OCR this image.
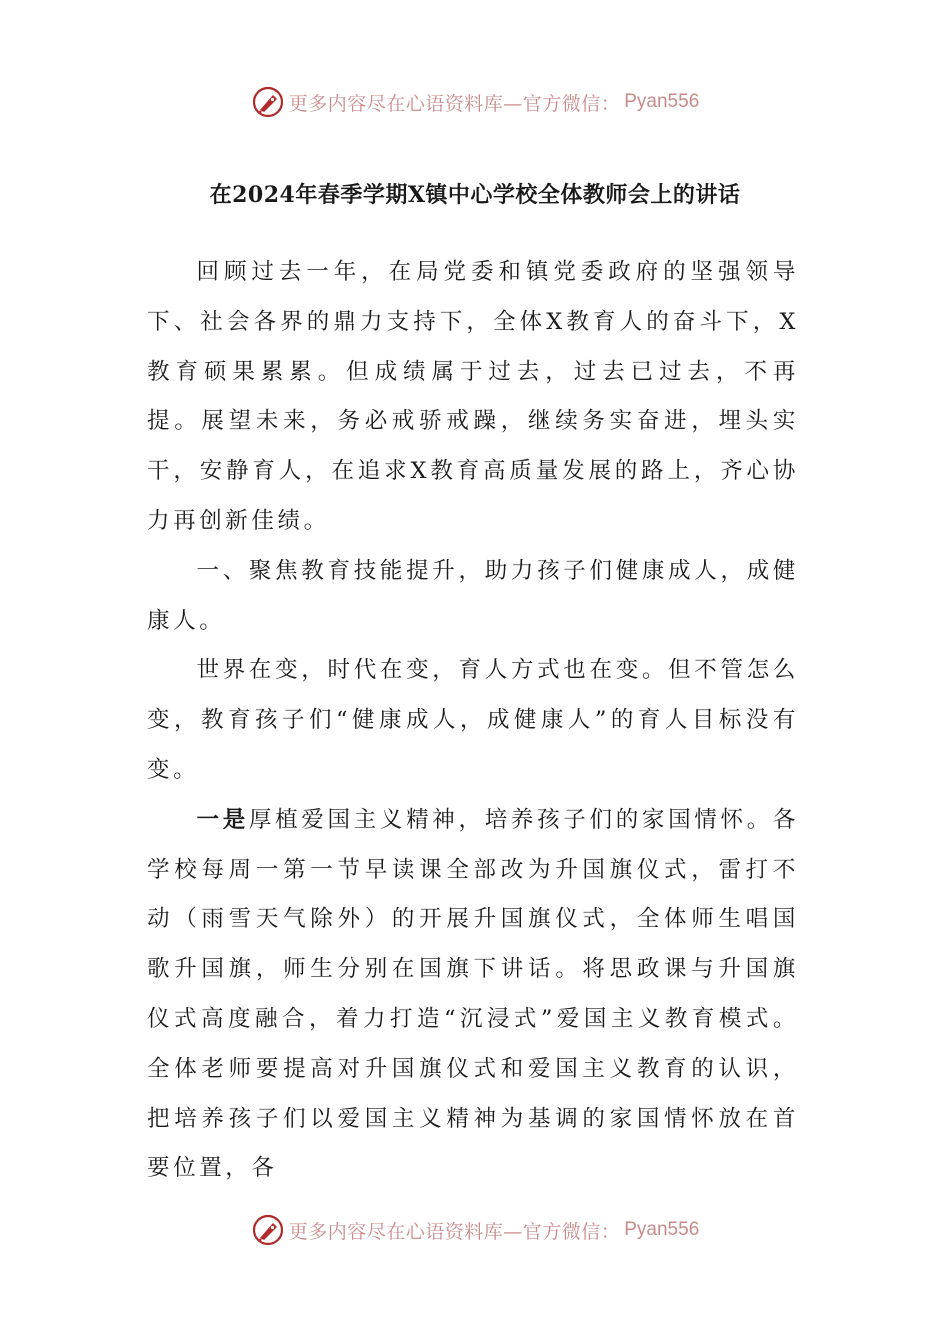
更多内容尽在心语资料库—官方微信： Pyan556
在2024年春季学期X镇中心学校全体教师会上的讲话

回顾过去一年，在局党委和镇党委政府的坚强领导下、社会各界的鼎力支持下，全体X教育人的奋斗下，X教育硕果累累。但成绩属于过去，过去已过去，不再提。展望未来，务必戒骄戒躁，继续务实奋进，埋头实干，安静育人，在追求X教育高质量发展的路上，齐心协力再创新佳绩。

一、聚焦教育技能提升，助力孩子们健康成人，成健康人。

世界在变，时代在变，育人方式也在变。但不管怎么变，教育孩子们“健康成人，成健康人”的育人目标没有变。

一是厚植爱国主义精神，培养孩子们的家国情怀。各学校每周一第一节早读课全部改为升国旗仪式，雷打不动（雨雪天气除外）的开展升国旗仪式，全体师生唱国歌升国旗，师生分别在国旗下讲话。将思政课与升国旗仪式高度融合，着力打造“沉浸式”爱国主义教育模式。全体老师要提高对升国旗仪式和爱国主义教育的认识，把培养孩子们以爱国主义精神为基调的家国情怀放在首要位置，各

更多内容尽在心语资料库—官方微信： Pyan556
